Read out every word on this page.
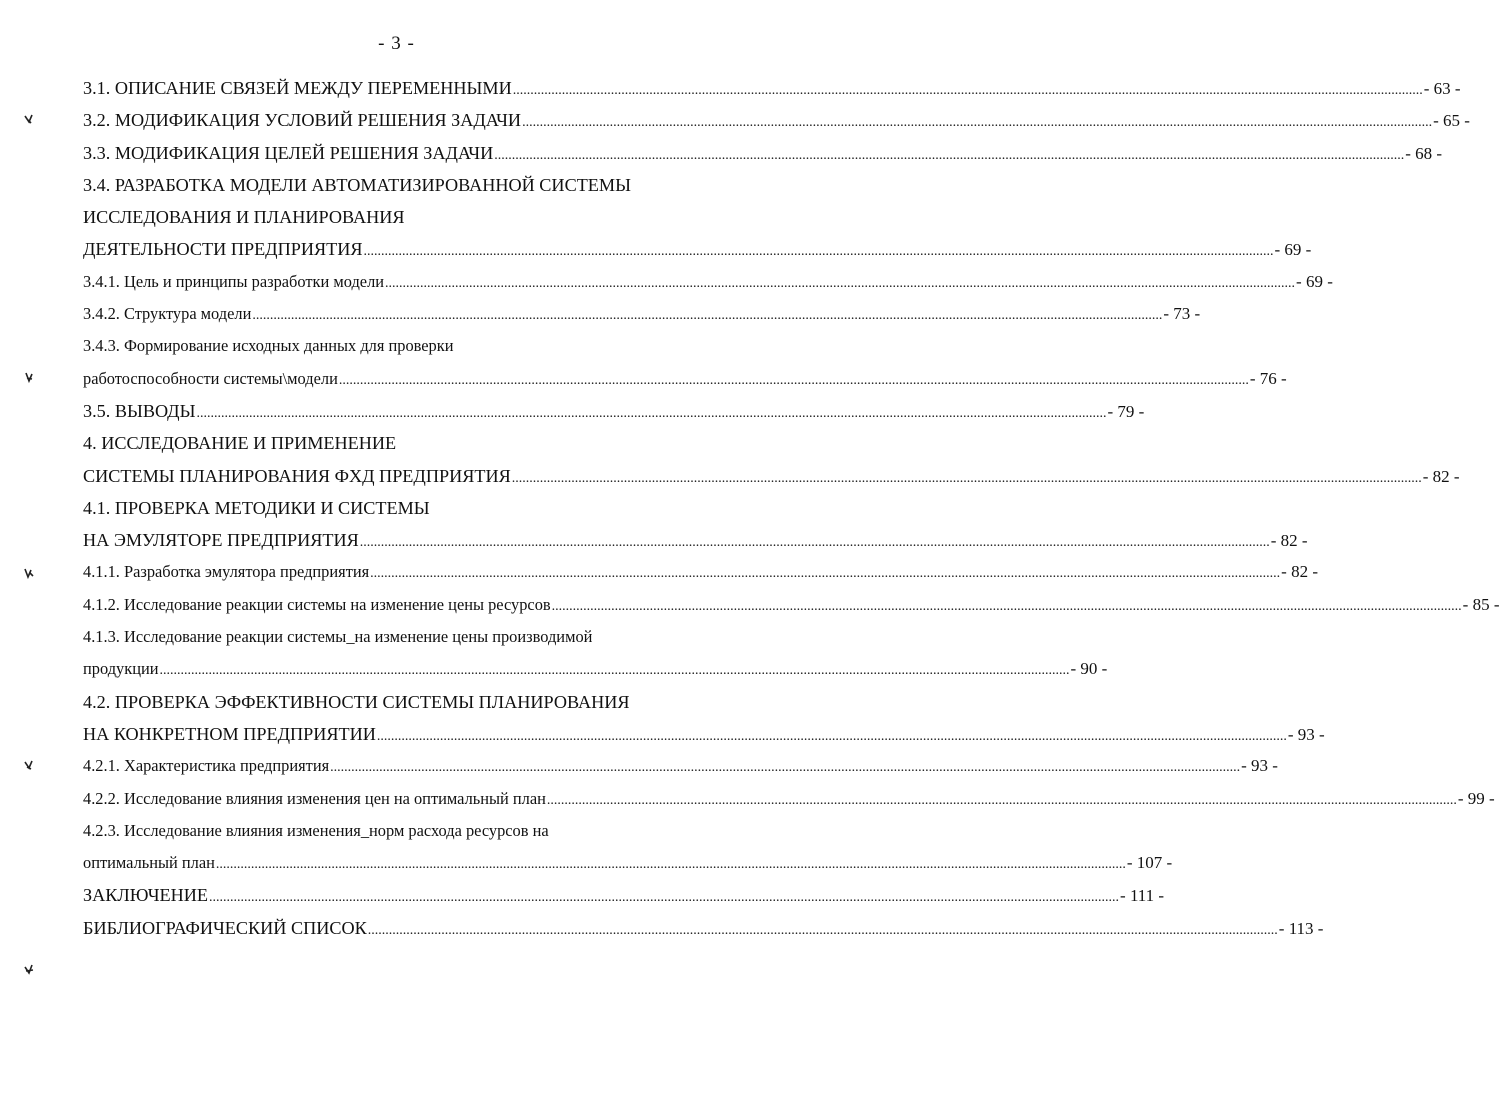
- 3 -
3.1. ОПИСАНИЕ СВЯЗЕЙ МЕЖДУ ПЕРЕМЕННЫМИ .....	- 63 -
3.2. МОДИФИКАЦИЯ УСЛОВИЙ РЕШЕНИЯ ЗАДАЧИ .....	- 65 -
3.3. МОДИФИКАЦИЯ ЦЕЛЕЙ РЕШЕНИЯ ЗАДАЧИ .....	- 68 -
3.4. РАЗРАБОТКА МОДЕЛИ АВТОМАТИЗИРОВАННОЙ СИСТЕМЫ
ИССЛЕДОВАНИЯ И ПЛАНИРОВАНИЯ
ДЕЯТЕЛЬНОСТИ ПРЕДПРИЯТИЯ .....	- 69 -
3.4.1. Цель и принципы разработки модели .....	- 69 -
3.4.2. Структура модели .....	- 73 -
3.4.3. Формирование исходных данных для проверки
работоспособности системы\модели .....	- 76 -
3.5. ВЫВОДЫ .....	- 79 -
4. ИССЛЕДОВАНИЕ И ПРИМЕНЕНИЕ
СИСТЕМЫ ПЛАНИРОВАНИЯ ФХД ПРЕДПРИЯТИЯ .....	- 82 -
4.1. ПРОВЕРКА МЕТОДИКИ И СИСТЕМЫ
НА ЭМУЛЯТОРЕ ПРЕДПРИЯТИЯ .....	- 82 -
4.1.1. Разработка эмулятора предприятия .....	- 82 -
4.1.2. Исследование реакции системы на изменение цены ресурсов .....	- 85 -
4.1.3. Исследование реакции системы_на изменение цены производимой
продукции .....	- 90 -
4.2. ПРОВЕРКА ЭФФЕКТИВНОСТИ СИСТЕМЫ ПЛАНИРОВАНИЯ
НА КОНКРЕТНОМ ПРЕДПРИЯТИИ .....	- 93 -
4.2.1. Характеристика предприятия .....	- 93 -
4.2.2. Исследование влияния изменения цен на оптимальный план .....	- 99 -
4.2.3. Исследование влияния изменения_норм расхода ресурсов на
оптимальный план .....	- 107 -
ЗАКЛЮЧЕНИЕ .....	- 111 -
БИБЛИОГРАФИЧЕСКИЙ СПИСОК .....	- 113 -
